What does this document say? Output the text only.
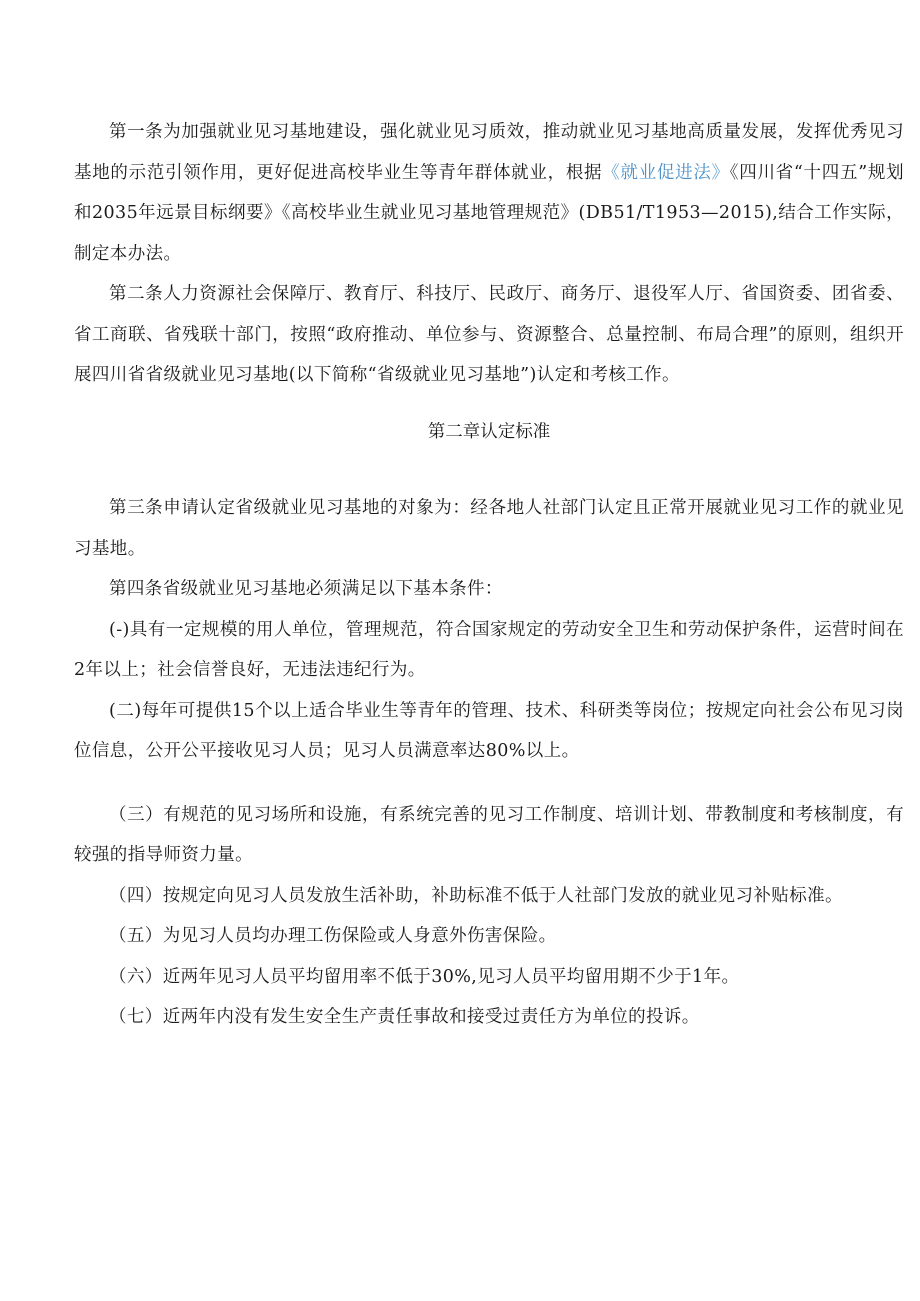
第一条为加强就业见习基地建设，强化就业见习质效，推动就业见习基地高质量发展，发挥优秀见习基地的示范引领作用，更好促进高校毕业生等青年群体就业，根据《就业促进法》《四川省“十四五”规划和2035年远景目标纲要》《高校毕业生就业见习基地管理规范》(DB51/T1953—2015),结合工作实际，制定本办法。

第二条人力资源社会保障厅、教育厅、科技厅、民政厅、商务厅、退役军人厅、省国资委、团省委、省工商联、省残联十部门，按照“政府推动、单位参与、资源整合、总量控制、布局合理”的原则，组织开展四川省省级就业见习基地(以下简称“省级就业见习基地”)认定和考核工作。

第二章认定标准

第三条申请认定省级就业见习基地的对象为：经各地人社部门认定且正常开展就业见习工作的就业见习基地。

第四条省级就业见习基地必须满足以下基本条件：

(-)具有一定规模的用人单位，管理规范，符合国家规定的劳动安全卫生和劳动保护条件，运营时间在2年以上；社会信誉良好，无违法违纪行为。

(二)每年可提供15个以上适合毕业生等青年的管理、技术、科研类等岗位；按规定向社会公布见习岗位信息，公开公平接收见习人员；见习人员满意率达80%以上。

（三）有规范的见习场所和设施，有系统完善的见习工作制度、培训计划、带教制度和考核制度，有较强的指导师资力量。

（四）按规定向见习人员发放生活补助，补助标准不低于人社部门发放的就业见习补贴标准。

（五）为见习人员均办理工伤保险或人身意外伤害保险。

（六）近两年见习人员平均留用率不低于30%,见习人员平均留用期不少于1年。

（七）近两年内没有发生安全生产责任事故和接受过责任方为单位的投诉。
